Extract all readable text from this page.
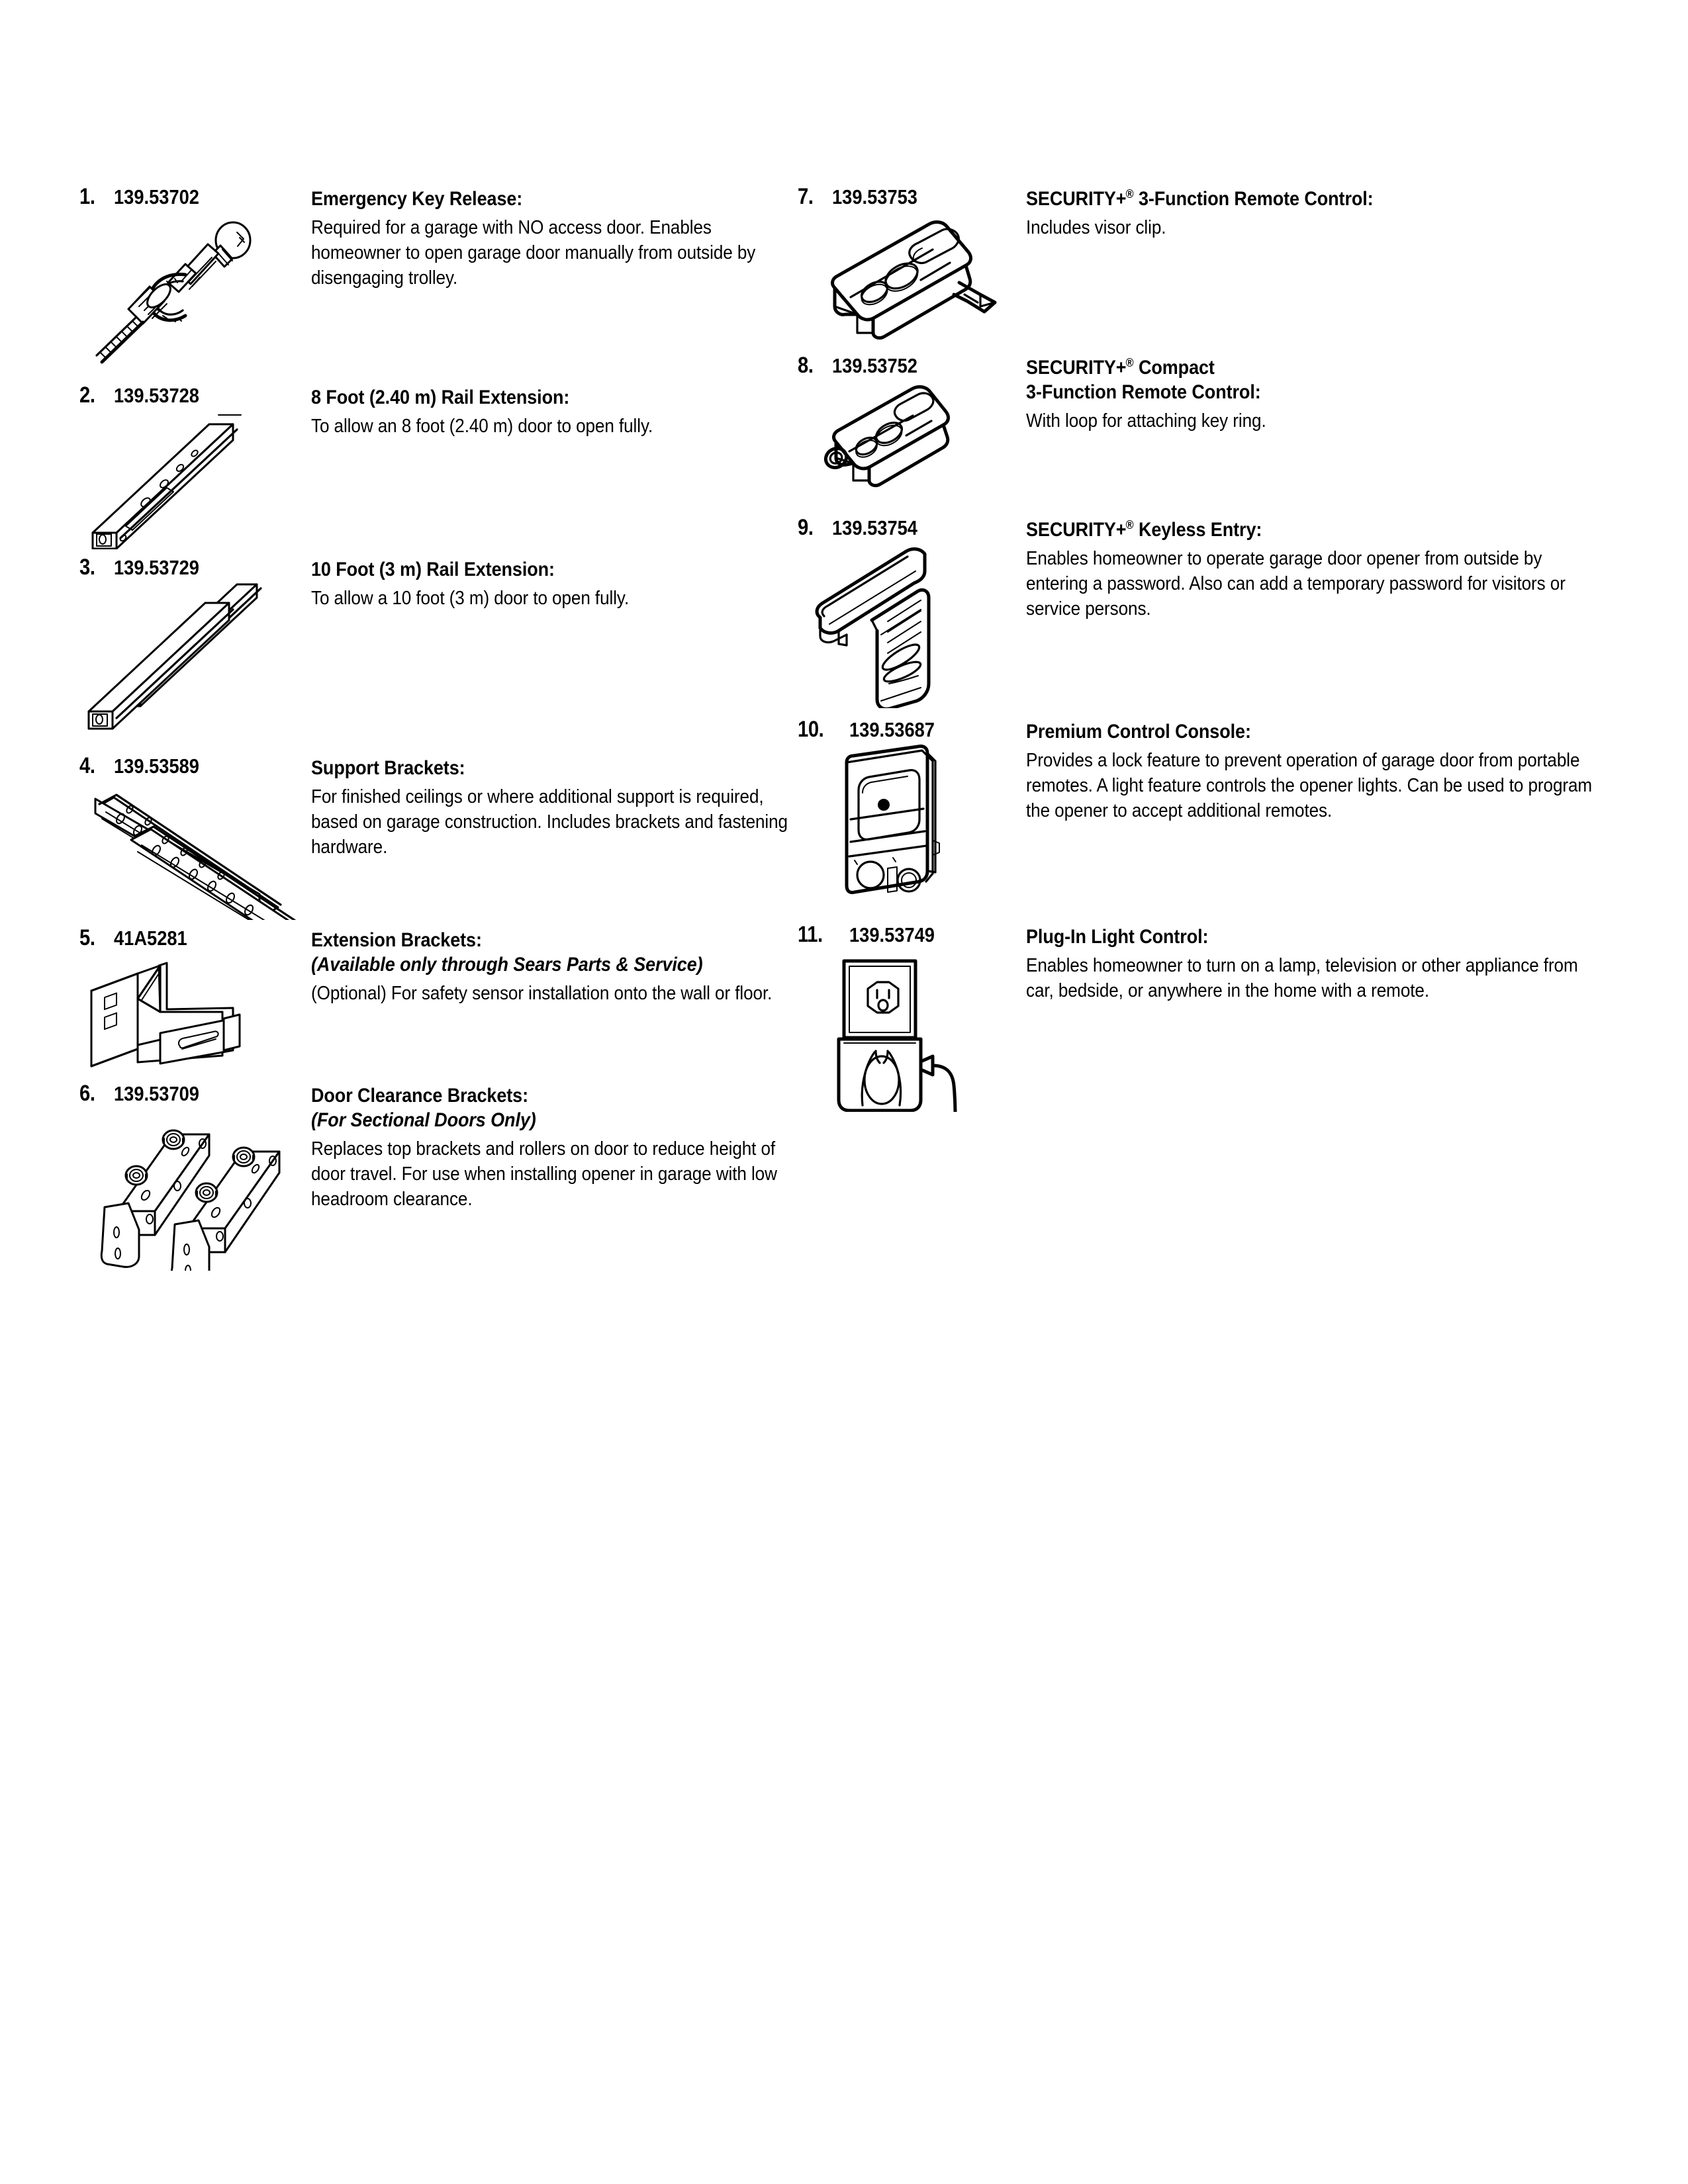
1. 139.53702	Emergency Key Release:
Required for a garage with NO access door. Enables homeowner to open garage door manually from outside by disengaging trolley.
2. 139.53728	8 Foot (2.40 m) Rail Extension:
To allow an 8 foot (2.40 m) door to open fully.
3. 139.53729	10 Foot (3 m) Rail Extension:
To allow a 10 foot (3 m) door to open fully.
4. 139.53589	Support Brackets:
For finished ceilings or where additional support is required, based on garage construction. Includes brackets and fastening hardware.
5. 41A5281	Extension Brackets:
(Available only through Sears Parts & Service)
(Optional) For safety sensor installation onto the wall or floor.
6. 139.53709	Door Clearance Brackets:
(For Sectional Doors Only)
Replaces top brackets and rollers on door to reduce height of door travel. For use when installing opener in garage with low headroom clearance.
7. 139.53753	SECURITY+® 3-Function Remote Control:
Includes visor clip.
8. 139.53752	SECURITY+® Compact
3-Function Remote Control:
With loop for attaching key ring.
9. 139.53754	SECURITY+® Keyless Entry:
Enables homeowner to operate garage door opener from outside by entering a password. Also can add a temporary password for visitors or service persons.
10.	139.53687	Premium Control Console:
Provides a lock feature to prevent operation of garage door from portable remotes. A light feature controls the opener lights. Can be used to program the opener to accept additional remotes.
11.	139.53749	Plug-In Light Control:
Enables homeowner to turn on a lamp, television or other appliance from car, bedside, or anywhere in the home with a remote.
